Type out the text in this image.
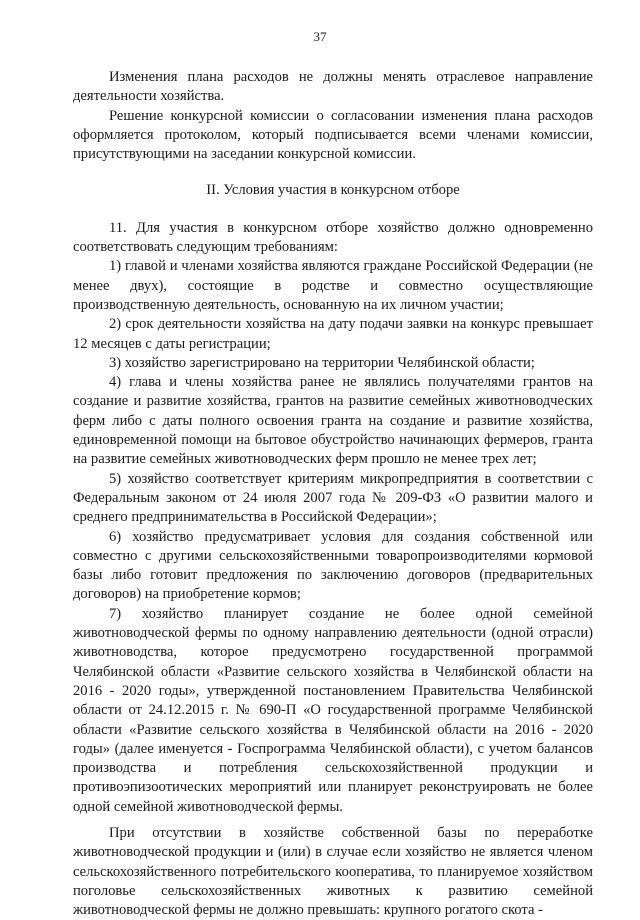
37

Изменения плана расходов не должны менять отраслевое направление деятельности хозяйства.

Решение конкурсной комиссии о согласовании изменения плана расходов оформляется протоколом, который подписывается всеми членами комиссии, присутствующими на заседании конкурсной комиссии.

II. Условия участия в конкурсном отборе

11. Для участия в конкурсном отборе хозяйство должно одновременно соответствовать следующим требованиям:

1) главой и членами хозяйства являются граждане Российской Федерации (не менее двух), состоящие в родстве и совместно осуществляющие производственную деятельность, основанную на их личном участии;

2) срок деятельности хозяйства на дату подачи заявки на конкурс превышает 12 месяцев с даты регистрации;

3) хозяйство зарегистрировано на территории Челябинской области;

4) глава и члены хозяйства ранее не являлись получателями грантов на создание и развитие хозяйства, грантов на развитие семейных животноводческих ферм либо с даты полного освоения гранта на создание и развитие хозяйства, единовременной помощи на бытовое обустройство начинающих фермеров, гранта на развитие семейных животноводческих ферм прошло не менее трех лет;

5) хозяйство соответствует критериям микропредприятия в соответствии с Федеральным законом от 24 июля 2007 года № 209-ФЗ «О развитии малого и среднего предпринимательства в Российской Федерации»;

6) хозяйство предусматривает условия для создания собственной или совместно с другими сельскохозяйственными товаропроизводителями кормовой базы либо готовит предложения по заключению договоров (предварительных договоров) на приобретение кормов;

7) хозяйство планирует создание не более одной семейной животноводческой фермы по одному направлению деятельности (одной отрасли) животноводства, которое предусмотрено государственной программой Челябинской области «Развитие сельского хозяйства в Челябинской области на 2016 - 2020 годы», утвержденной постановлением Правительства Челябинской области от 24.12.2015 г. № 690-П «О государственной программе Челябинской области «Развитие сельского хозяйства в Челябинской области на 2016 - 2020 годы» (далее именуется - Госпрограмма Челябинской области), с учетом балансов производства и потребления сельскохозяйственной продукции и противоэпизоотических мероприятий или планирует реконструировать не более одной семейной животноводческой фермы.

При отсутствии в хозяйстве собственной базы по переработке животноводческой продукции и (или) в случае если хозяйство не является членом сельскохозяйственного потребительского кооператива, то планируемое хозяйством поголовье сельскохозяйственных животных к развитию семейной животноводческой фермы не должно превышать: крупного рогатого скота -
